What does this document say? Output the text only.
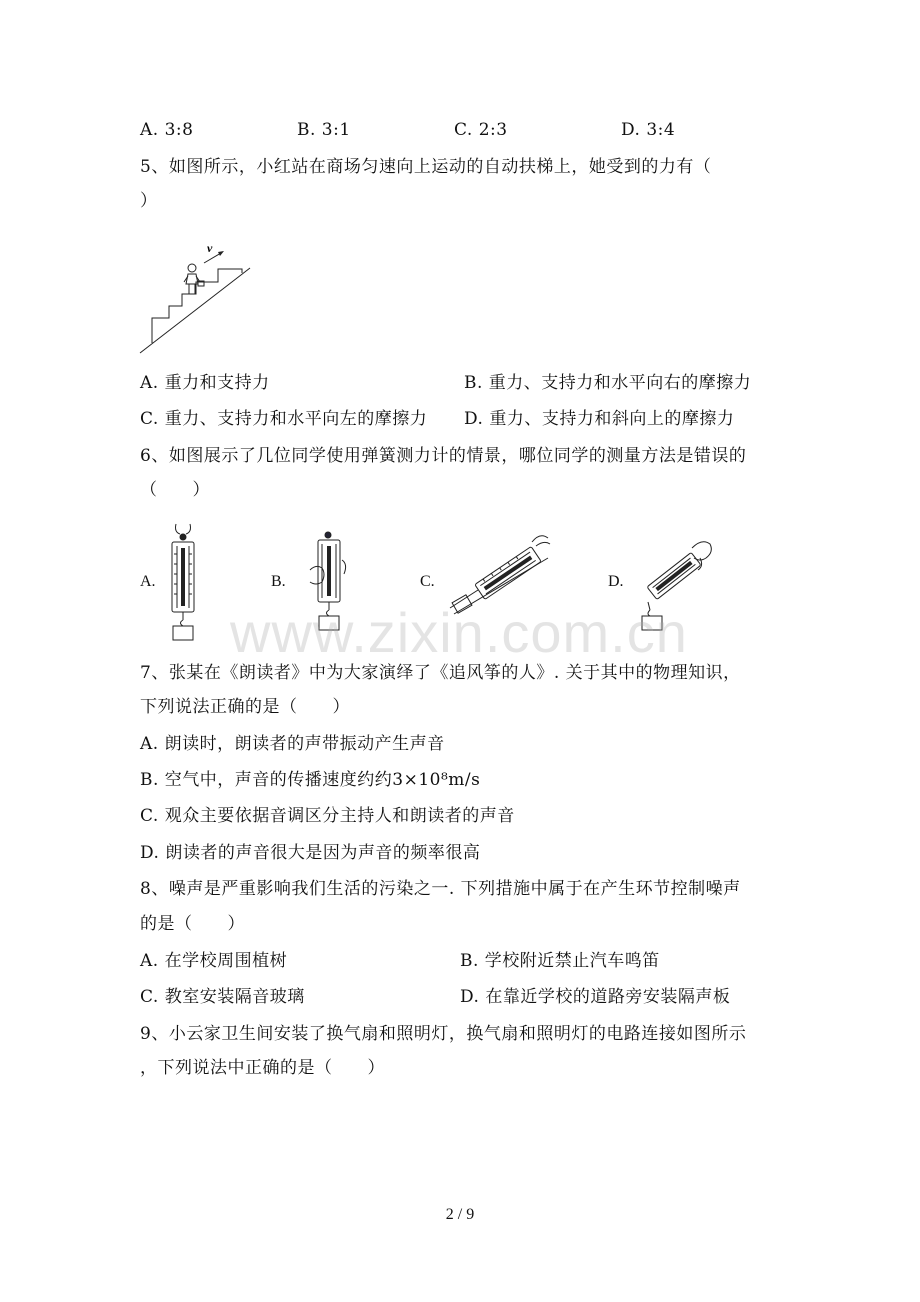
A. 3:8	B. 3:1	C. 2:3	D. 3:4
5、如图所示，小红站在商场匀速向上运动的自动扶梯上，她受到的力有（
）
v
A. 重力和支持力	B. 重力、支持力和水平向右的摩擦力
C. 重力、支持力和水平向左的摩擦力 D. 重力、支持力和斜向上的摩擦力
6、如图展示了几位同学使用弹簧测力计的情景，哪位同学的测量方法是错误的
（　　）
A.	B.	C.	D.
www.zixin.com.cn
7、张某在《朗读者》中为大家演绎了《追风筝的人》. 关于其中的物理知识，
下列说法正确的是（　　）
A. 朗读时，朗读者的声带振动产生声音
B. 空气中，声音的传播速度约约3×10⁸m/s
C. 观众主要依据音调区分主持人和朗读者的声音
D. 朗读者的声音很大是因为声音的频率很高
8、噪声是严重影响我们生活的污染之一. 下列措施中属于在产生环节控制噪声
的是（　　）
A. 在学校周围植树	B. 学校附近禁止汽车鸣笛
C. 教室安装隔音玻璃	D. 在靠近学校的道路旁安装隔声板
9、小云家卫生间安装了换气扇和照明灯，换气扇和照明灯的电路连接如图所示
，下列说法中正确的是（　　）
2 / 9
